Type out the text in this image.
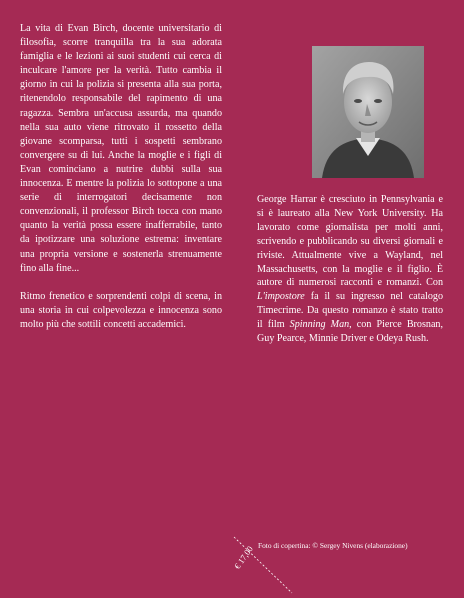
La vita di Evan Birch, docente universitario di filosofia, scorre tranquilla tra la sua adorata famiglia e le lezioni ai suoi studenti cui cerca di inculcare l'amore per la verità. Tutto cambia il giorno in cui la polizia si presenta alla sua porta, ritenendolo responsabile del rapimento di una ragazza. Sembra un'accusa assurda, ma quando nella sua auto viene ritrovato il rossetto della giovane scomparsa, tutti i sospetti sembrano convergere su di lui. Anche la moglie e i figli di Evan cominciano a nutrire dubbi sulla sua innocenza. E mentre la polizia lo sottopone a una serie di interrogatori decisamente non convenzionali, il professor Birch tocca con mano quanto la verità possa essere inafferrabile, tanto da ipotizzare una soluzione estrema: inventare una propria versione e sostenerla strenuamente fino alla fine...

Ritmo frenetico e sorprendenti colpi di scena, in una storia in cui colpevolezza e innocenza sono molto più che sottili concetti accademici.

George Harrar è cresciuto in Pennsylvania e si è laureato alla New York University. Ha lavorato come giornalista per molti anni, scrivendo e pubblicando su diversi giornali e riviste. Attualmente vive a Wayland, nel Massachusetts, con la moglie e il figlio. È autore di numerosi racconti e romanzi. Con L'impostore fa il su ingresso nel catalogo Timecrime. Da questo romanzo è stato tratto il film Spinning Man, con Pierce Brosnan, Guy Pearce, Minnie Driver e Odeya Rush.

Foto di copertina: © Sergey Nivens (elaborazione)
€ 17,00
